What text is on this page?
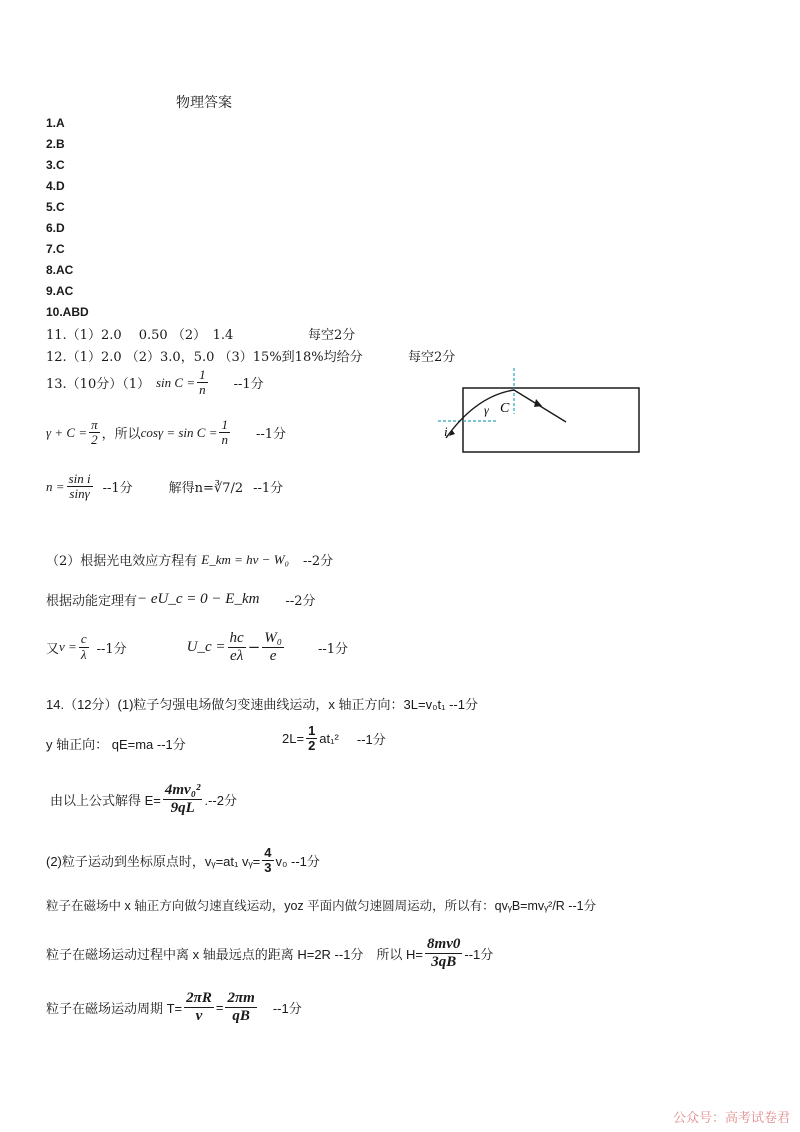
物理答案
1.A
2.B
3.C
4.D
5.C
6.D
7.C
8.AC
9.AC
10.ABD
11.（1）2.0　 0.50 （2）　1.4	每空2分
12.（1）2.0 （2）3.0，5.0 （3）15%到18%均给分	每空2分
13.（10分）（1） $\sin C = \frac{1}{n} --1$分
$\gamma + C = \frac{\pi}{2}$ ，所以 $\cos\gamma = \sin C = \frac{1}{n} --1$分
$n = \frac{\text{sin i}}{\sin\gamma} --1$分	解得n=∛7/2 --1分
（2）根据光电效应方程有 E_km = hν − W₀ --2分
根据动能定理有 − eU_c = 0 − E_km --2分
又 $\nu = \frac{c}{\lambda} --1$分	U_c = $\frac{hc}{e\lambda} - \frac{\text{W₀}}{e}$	--1分
i
γ C
14.（12分）(1)粒子匀强电场做匀变速曲线运动，x 轴正方向：3L=v₀t₁ --1分
y 轴正向： qE=ma --1分	$2L= \frac{1}{2} at_1^2$ --1分
由以上公式解得 $E= \frac{\text{4mv₀²}}{9qL} .--2$分
(2)粒子运动到坐标原点时，vᵧ=at₁ vᵧ= $\frac{4}{3} v_0$ --1分
粒子在磁场中 x 轴正方向做匀速直线运动，yoz 平面内做匀速圆周运动，所以有：qvᵧB=mvᵧ²/R --1分
粒子在磁场运动过程中离 x 轴最远点的距离 H=2R --1分　所以 $H= \frac{8mv0}{3qB} --1$分
粒子在磁场运动周期 $T= \frac{2\pi R}{v} = \frac{2\pi m}{qB} --1$分
公众号：高考试卷君
